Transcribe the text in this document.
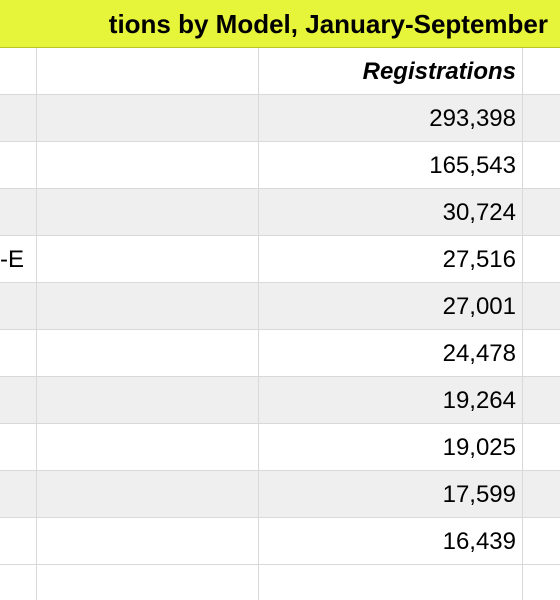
tions by Model, January-September
Registrations
293,398
165,543
30,724
-E	27,516
27,001
24,478
19,264
19,025
17,599
16,439
